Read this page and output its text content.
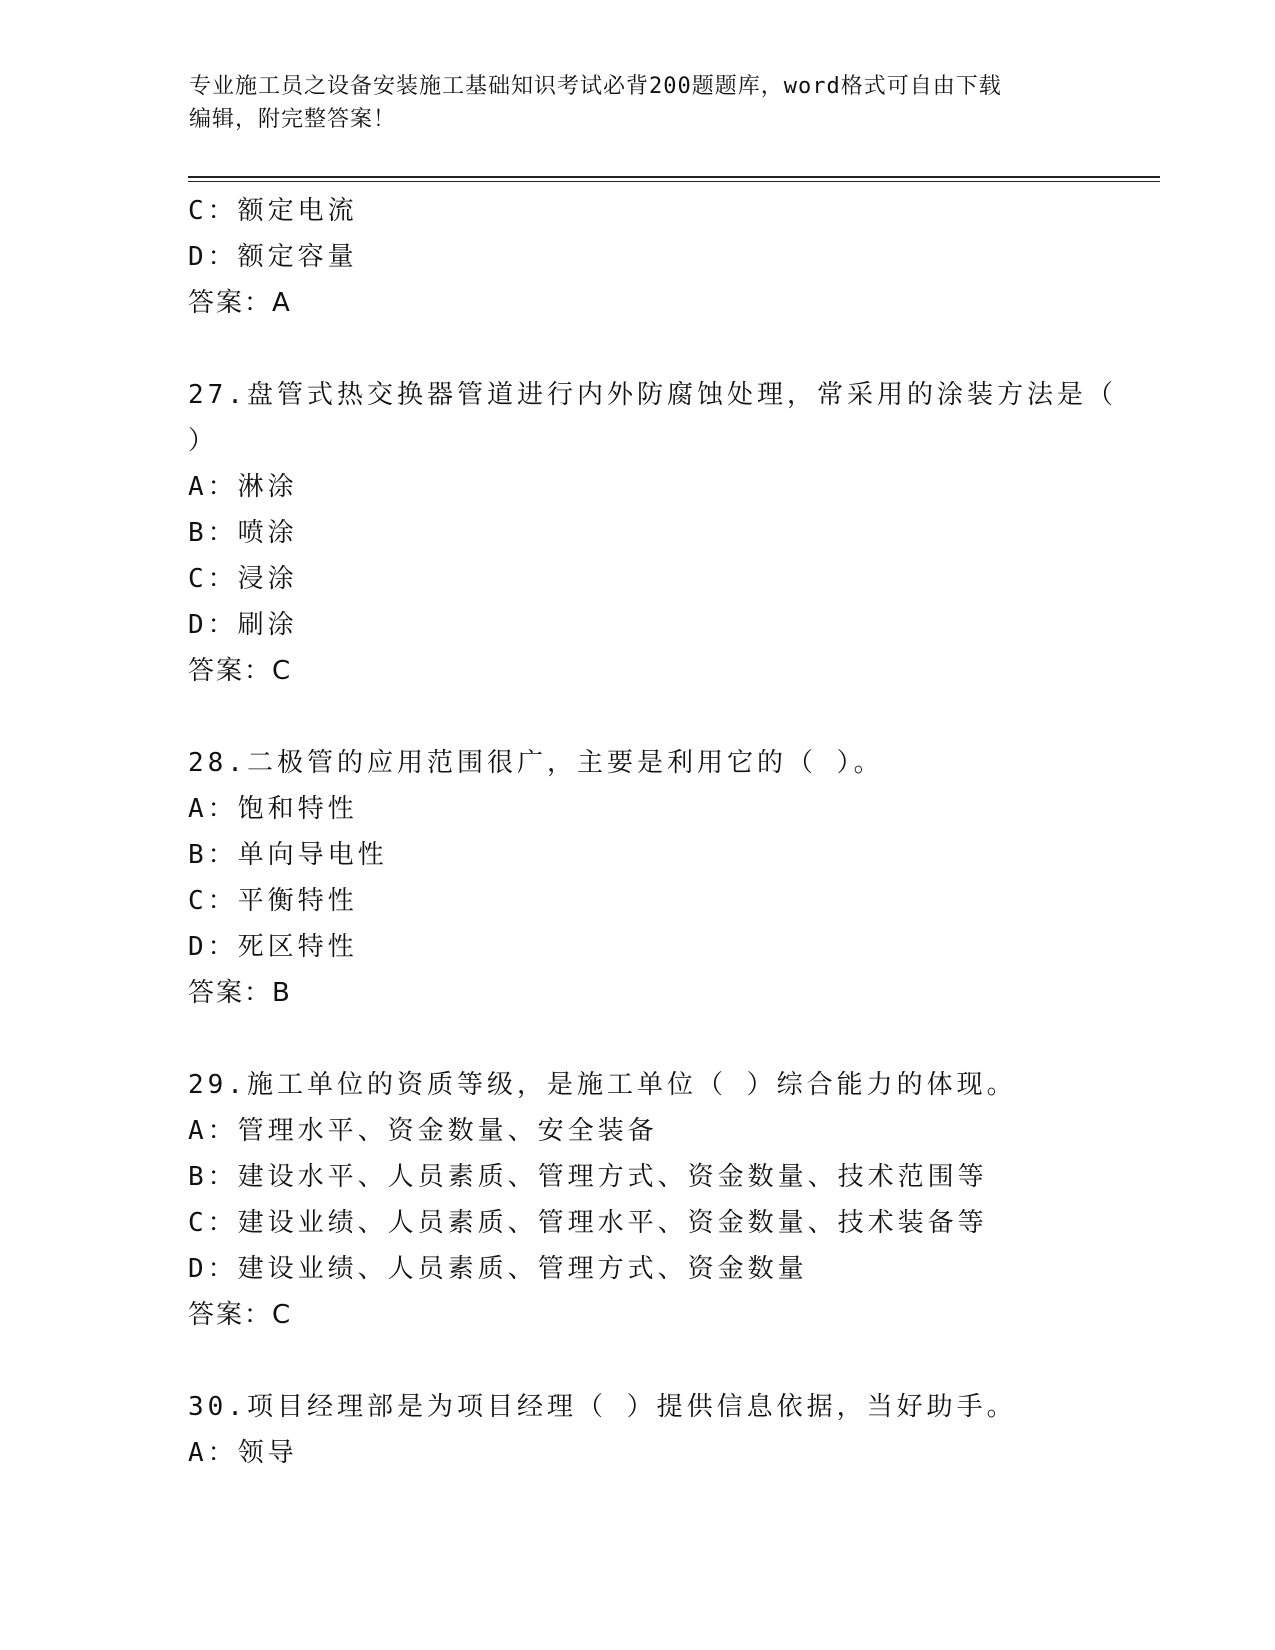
专业施工员之设备安装施工基础知识考试必背200题题库，word格式可自由下载
编辑，附完整答案！
C：额定电流
D：额定容量
答案：A
27.盘管式热交换器管道进行内外防腐蚀处理，常采用的涂装方法是（
）
A：淋涂
B：喷涂
C：浸涂
D：刷涂
答案：C
28.二极管的应用范围很广，主要是利用它的（ ）。
A：饱和特性
B：单向导电性
C：平衡特性
D：死区特性
答案：B
29.施工单位的资质等级，是施工单位（ ）综合能力的体现。
A：管理水平、资金数量、安全装备
B：建设水平、人员素质、管理方式、资金数量、技术范围等
C：建设业绩、人员素质、管理水平、资金数量、技术装备等
D：建设业绩、人员素质、管理方式、资金数量
答案：C
30.项目经理部是为项目经理（ ）提供信息依据，当好助手。
A：领导
